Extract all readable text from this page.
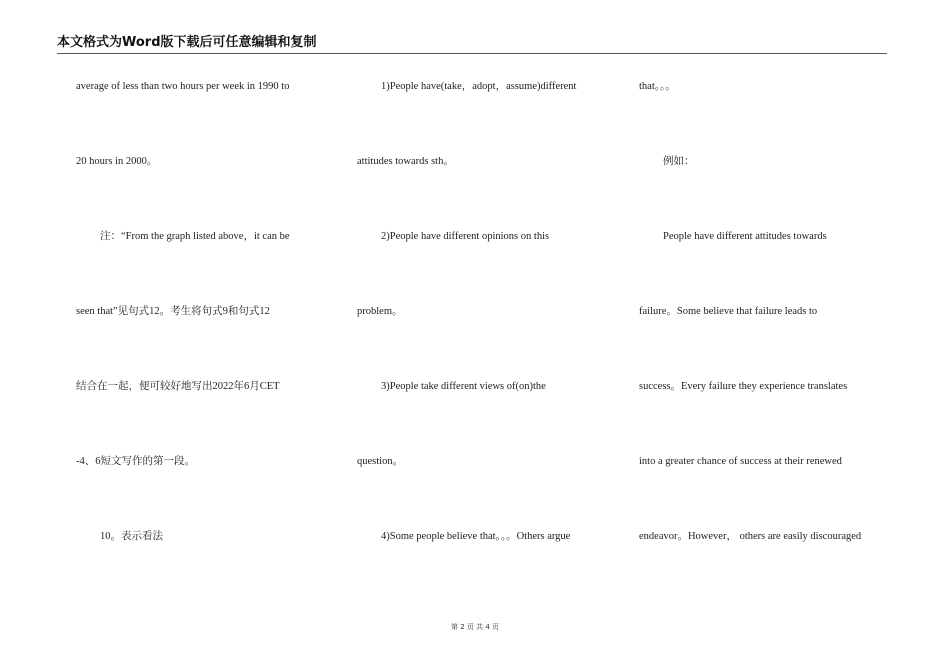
本文格式为Word版下载后可任意编辑和复制
average of less than two hours per week in 1990 to
20 hours in 2000。
注：“From the graph listed above，it can be
seen that”见句式12。考生将句式9和句式12
结合在一起，便可较好地写出2022年6月CET
-4、6短文写作的第一段。
10。表示看法
1)People have(take，adopt，assume)different
attitudes towards sth。
2)People have different opinions on this
problem。
3)People take different views of(on)the
question。
4)Some people believe that。。。Others argue
that。。。
例如：
People have different attitudes towards
failure。Some believe that failure leads to
success。Every failure they experience translates
into a greater chance of success at their renewed
endeavor。However， others are easily discouraged
第 2 页 共 4 页
